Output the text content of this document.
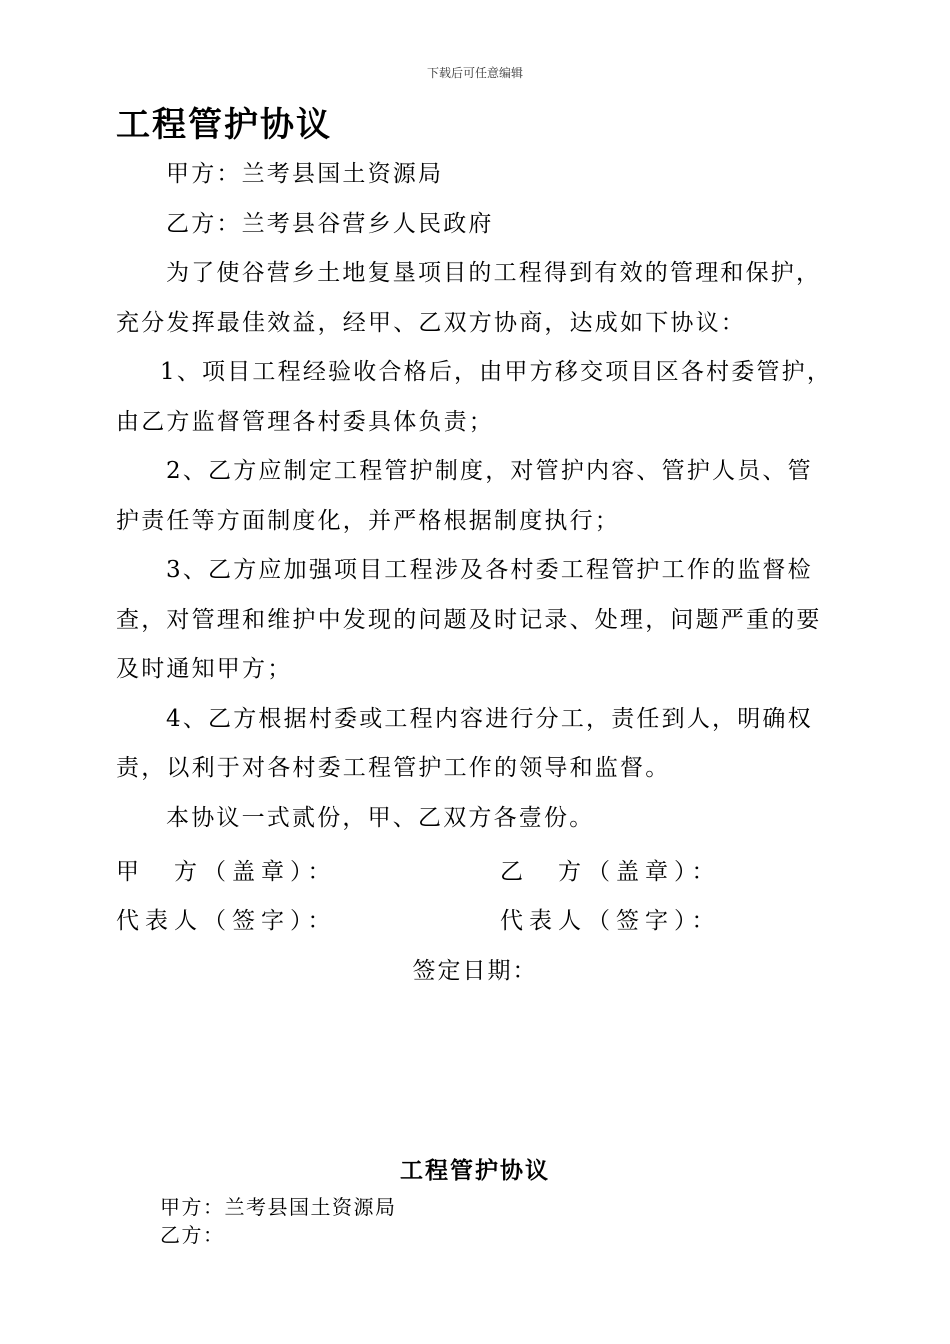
下载后可任意编辑
工程管护协议

甲方：兰考县国土资源局

乙方：兰考县谷营乡人民政府

为了使谷营乡土地复垦项目的工程得到有效的管理和保护，充分发挥最佳效益，经甲、乙双方协商，达成如下协议：

1、项目工程经验收合格后，由甲方移交项目区各村委管护，由乙方监督管理各村委具体负责；

2、乙方应制定工程管护制度，对管护内容、管护人员、管护责任等方面制度化，并严格根据制度执行；

3、乙方应加强项目工程涉及各村委工程管护工作的监督检查，对管理和维护中发现的问题及时记录、处理，问题严重的要及时通知甲方；

4、乙方根据村委或工程内容进行分工，责任到人，明确权责，以利于对各村委工程管护工作的领导和监督。

本协议一式贰份，甲、乙双方各壹份。

甲　方（盖章）：	乙　方（盖章）：
代表人（签字）：	代表人（签字）：
签定日期：
工程管护协议
甲方：兰考县国土资源局
乙方：
